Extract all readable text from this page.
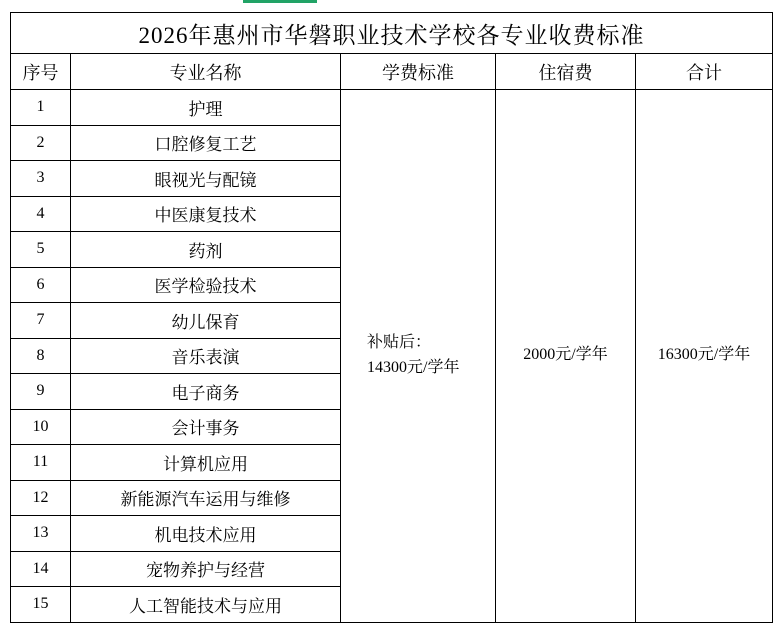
2026年惠州市华磐职业技术学校各专业收费标准				
序号	专业名称	学费标准	住宿费	合计
1	护理	补贴后：14300元/学年	2000元/学年	16300元/学年
2	口腔修复工艺			
3	眼视光与配镜			
4	中医康复技术			
5	药剂			
6	医学检验技术			
7	幼儿保育			
8	音乐表演			
9	电子商务			
10	会计事务			
11	计算机应用			
12	新能源汽车运用与维修			
13	机电技术应用			
14	宠物养护与经营			
15	人工智能技术与应用			
